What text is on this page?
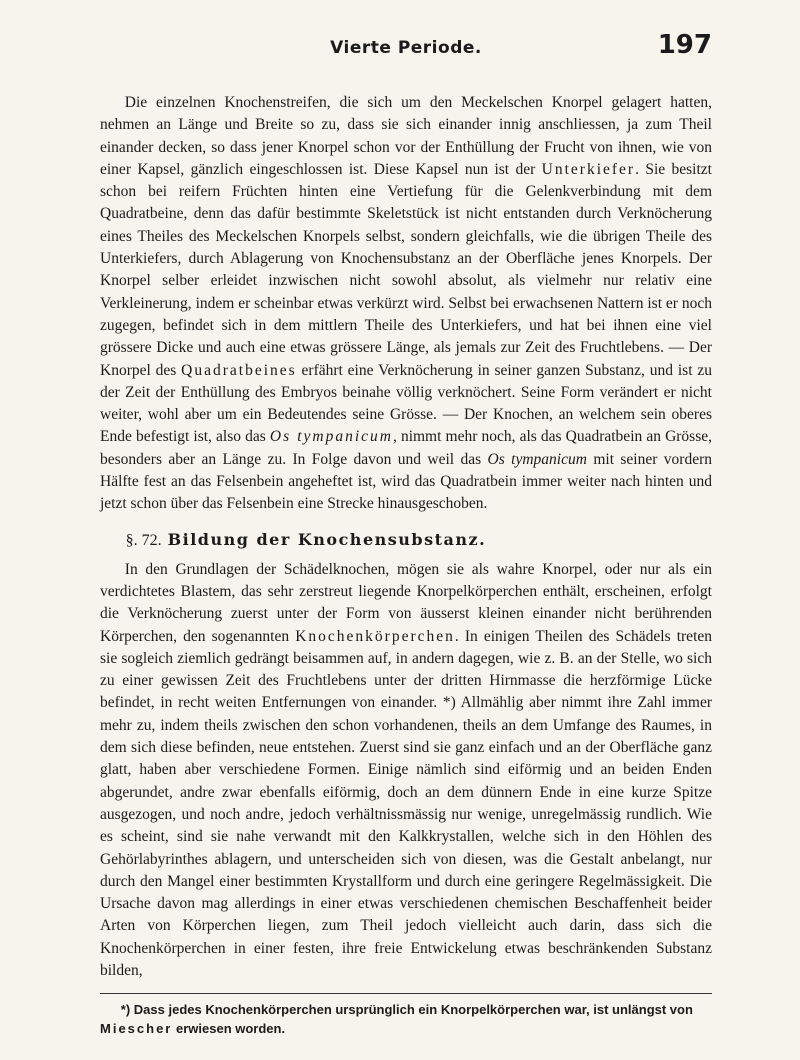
Vierte Periode.	197

Die einzelnen Knochenstreifen, die sich um den Meckelschen Knorpel gelagert hatten, nehmen an Länge und Breite so zu, dass sie sich einander innig anschliessen, ja zum Theil einander decken, so dass jener Knorpel schon vor der Enthüllung der Frucht von ihnen, wie von einer Kapsel, gänzlich eingeschlossen ist. Diese Kapsel nun ist der Unterkiefer. Sie besitzt schon bei reifern Früchten hinten eine Vertiefung für die Gelenkverbindung mit dem Quadratbeine, denn das dafür bestimmte Skeletstück ist nicht entstanden durch Verknöcherung eines Theiles des Meckelschen Knorpels selbst, sondern gleichfalls, wie die übrigen Theile des Unterkiefers, durch Ablagerung von Knochensubstanz an der Oberfläche jenes Knorpels. Der Knorpel selber erleidet inzwischen nicht sowohl absolut, als vielmehr nur relativ eine Verkleinerung, indem er scheinbar etwas verkürzt wird. Selbst bei erwachsenen Nattern ist er noch zugegen, befindet sich in dem mittlern Theile des Unterkiefers, und hat bei ihnen eine viel grössere Dicke und auch eine etwas grössere Länge, als jemals zur Zeit des Fruchtlebens. — Der Knorpel des Quadratbeines erfährt eine Verknöcherung in seiner ganzen Substanz, und ist zu der Zeit der Enthüllung des Embryos beinahe völlig verknöchert. Seine Form verändert er nicht weiter, wohl aber um ein Bedeutendes seine Grösse. — Der Knochen, an welchem sein oberes Ende befestigt ist, also das Os tympanicum, nimmt mehr noch, als das Quadratbein an Grösse, besonders aber an Länge zu. In Folge davon und weil das Os tympanicum mit seiner vordern Hälfte fest an das Felsenbein angeheftet ist, wird das Quadratbein immer weiter nach hinten und jetzt schon über das Felsenbein eine Strecke hinausgeschoben.

§. 72. Bildung der Knochensubstanz.

In den Grundlagen der Schädelknochen, mögen sie als wahre Knorpel, oder nur als ein verdichtetes Blastem, das sehr zerstreut liegende Knorpelkörperchen enthält, erscheinen, erfolgt die Verknöcherung zuerst unter der Form von äusserst kleinen einander nicht berührenden Körperchen, den sogenannten Knochenkörperchen. In einigen Theilen des Schädels treten sie sogleich ziemlich gedrängt beisammen auf, in andern dagegen, wie z. B. an der Stelle, wo sich zu einer gewissen Zeit des Fruchtlebens unter der dritten Hirnmasse die herzförmige Lücke befindet, in recht weiten Entfernungen von einander. *) Allmählig aber nimmt ihre Zahl immer mehr zu, indem theils zwischen den schon vorhandenen, theils an dem Umfange des Raumes, in dem sich diese befinden, neue entstehen. Zuerst sind sie ganz einfach und an der Oberfläche ganz glatt, haben aber verschiedene Formen. Einige nämlich sind eiförmig und an beiden Enden abgerundet, andre zwar ebenfalls eiförmig, doch an dem dünnern Ende in eine kurze Spitze ausgezogen, und noch andre, jedoch verhältnissmässig nur wenige, unregelmässig rundlich. Wie es scheint, sind sie nahe verwandt mit den Kalkkrystallen, welche sich in den Höhlen des Gehörlabyrinthes ablagern, und unterscheiden sich von diesen, was die Gestalt anbelangt, nur durch den Mangel einer bestimmten Krystallform und durch eine geringere Regelmässigkeit. Die Ursache davon mag allerdings in einer etwas verschiedenen chemischen Beschaffenheit beider Arten von Körperchen liegen, zum Theil jedoch vielleicht auch darin, dass sich die Knochenkörperchen in einer festen, ihre freie Entwickelung etwas beschränkenden Substanz bilden,

*) Dass jedes Knochenkörperchen ursprünglich ein Knorpelkörperchen war, ist unlängst von Miescher erwiesen worden.
